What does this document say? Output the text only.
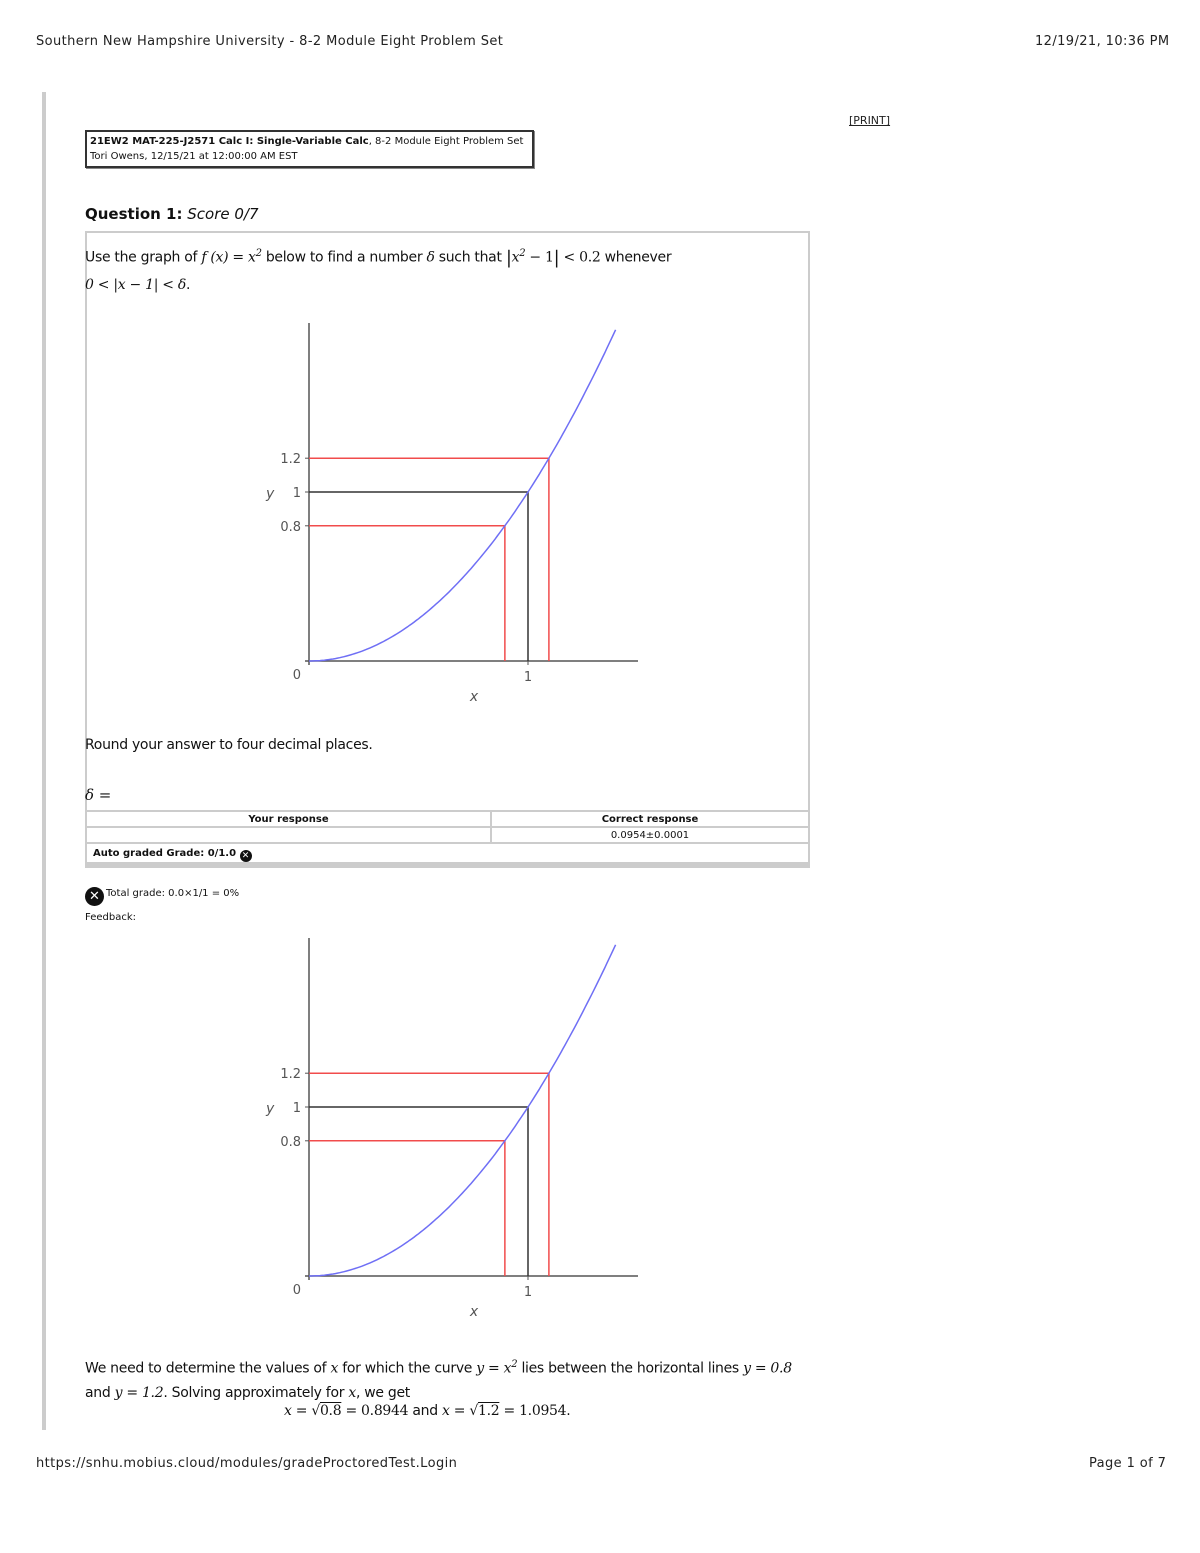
Southern New Hampshire University - 8-2 Module Eight Problem Set	12/19/21, 10:36 PM
[PRINT]
21EW2 MAT-225-J2571 Calc I: Single-Variable Calc, 8-2 Module Eight Problem Set
Tori Owens, 12/15/21 at 12:00:00 AM EST
Question 1: Score 0/7
Use the graph of f $(x) = x^2$ below to find a number δ such that $|x^2 - 1| < 0.2$ whenever
0 < |x − 1| < δ.
1.2
1
0.8
0	1
y
x
Round your answer to four decimal places.
δ =
Your response	Correct response
	0.0954±0.0001
Auto graded Grade: 0/1.0 ✕
✕ Total grade: 0.0×1/1 = 0%
Feedback:
1.2
1
0.8
0	1
y
x
We need to determine the values of x for which the curve $y = x^2$ lies between the horizontal lines y = 0.8
and y = 1.2. Solving approximately for x, we get
x = √0.8 = 0.8944 and x = √1.2 = 1.0954.
https://snhu.mobius.cloud/modules/gradeProctoredTest.Login	Page 1 of 7
